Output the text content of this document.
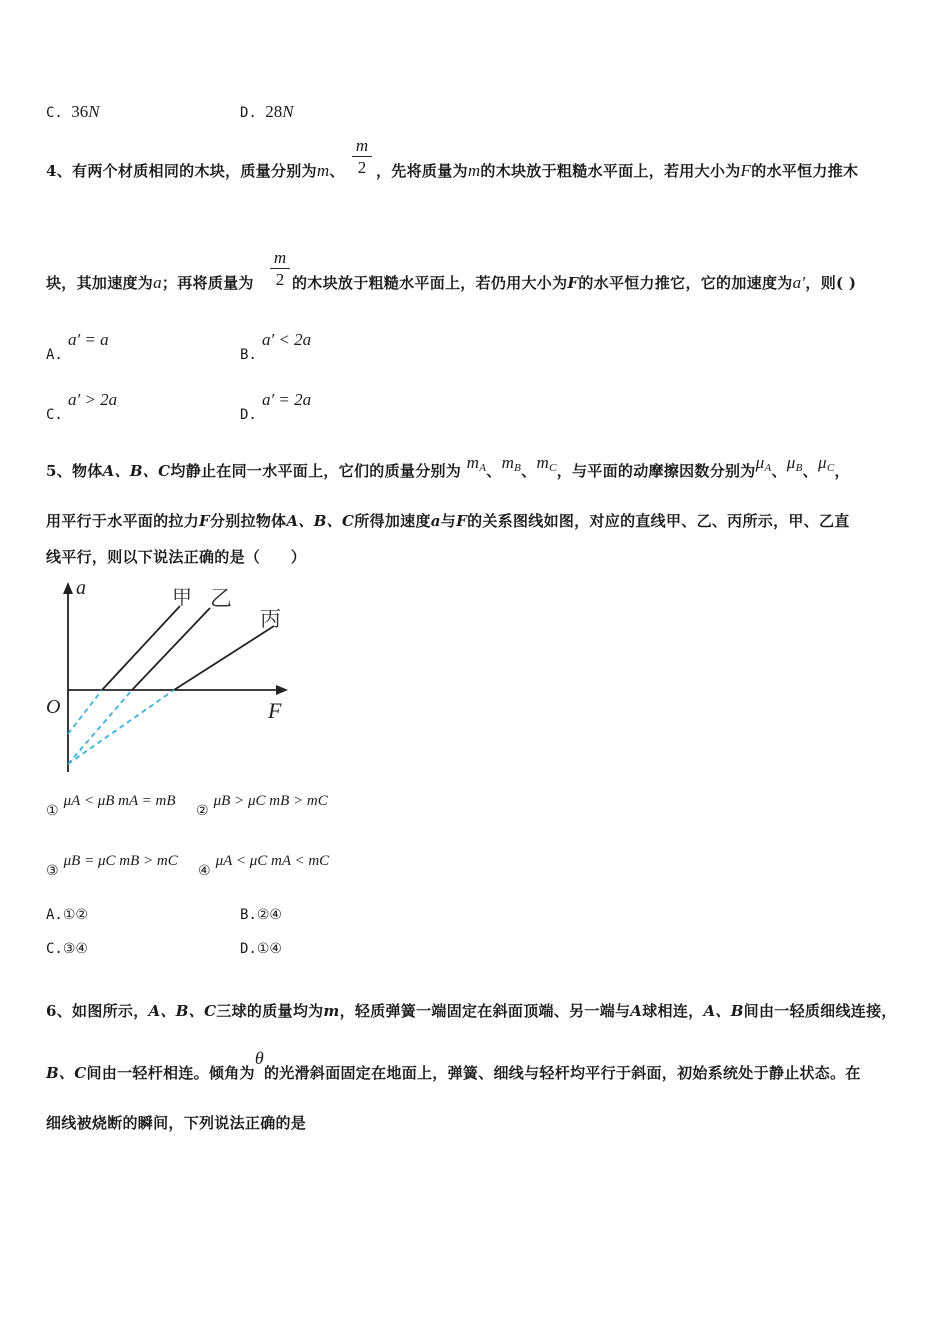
C. 36N	D. 28N
4、有两个材质相同的木块，质量分别为m、 $\frac{m}{2}$ ，先将质量为m的木块放于粗糙水平面上，若用大小为F的水平恒力推木
块，其加速度为a；再将质量为 $\frac{m}{2}$ 的木块放于粗糙水平面上，若仍用大小为F的水平恒力推它，它的加速度为a′，则( )
A. a′ = a
B. a′ < 2a
C. a′ > 2a
D. a′ = 2a
5、物体A、B、C均静止在同一水平面上，它们的质量分别为 $m_A$、$m_B$、$m_C$，与平面的动摩擦因数分别为$\mu_A$、$\mu_B$、$\mu_C$，
用平行于水平面的拉力F分别拉物体A、B、C所得加速度a与F的关系图线如图，对应的直线甲、乙、丙所示，甲、乙直
线平行，则以下说法正确的是（　　）
a
F
O
甲 乙
丙
① μA < μB mA = mB
② μB > μC mB > mC
③ μB = μC mB > mC
④ μA < μC mA < mC
A.①②	B.②④
C.③④	D.①④
6、如图所示，A、B、C三球的质量均为m，轻质弹簧一端固定在斜面顶端、另一端与A球相连，A、B间由一轻质细线连接，
B、C间由一轻杆相连。倾角为θ的光滑斜面固定在地面上，弹簧、细线与轻杆均平行于斜面，初始系统处于静止状态。在
细线被烧断的瞬间，下列说法正确的是
